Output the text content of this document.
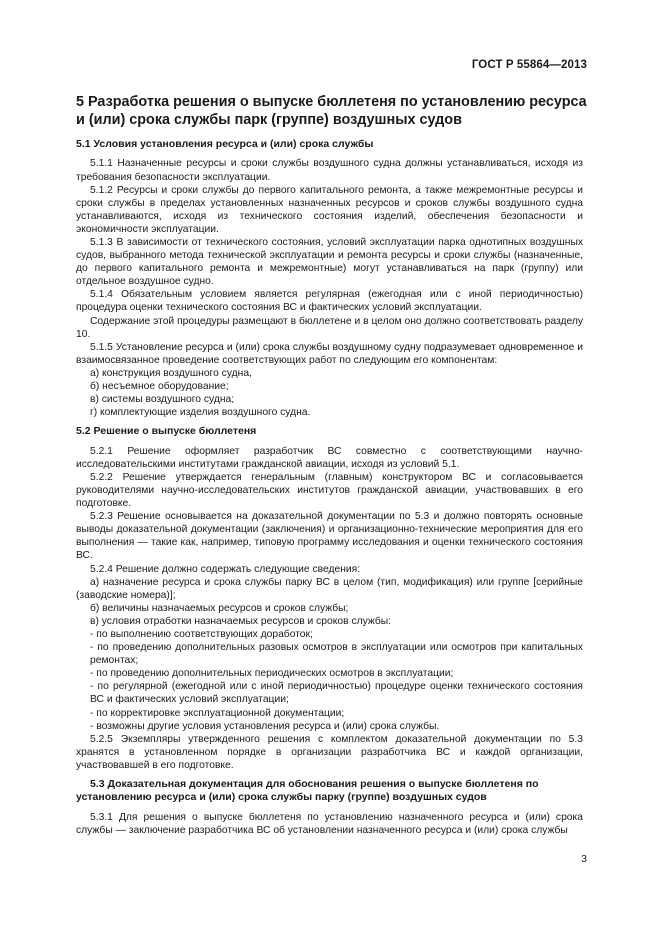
ГОСТ Р 55864—2013
5 Разработка решения о выпуске бюллетеня по установлению ресурса и (или) срока службы парк (группе) воздушных судов
5.1 Условия установления ресурса и (или) срока службы

5.1.1 Назначенные ресурсы и сроки службы воздушного судна должны устанавливаться, исходя из требования безопасности эксплуатации.

5.1.2 Ресурсы и сроки службы до первого капитального ремонта, а также межремонтные ресурсы и сроки службы в пределах установленных назначенных ресурсов и сроков службы воздушного судна устанавливаются, исходя из технического состояния изделий, обеспечения безопасности и экономичности эксплуатации.

5.1.3 В зависимости от технического состояния, условий эксплуатации парка однотипных воздушных судов, выбранного метода технической эксплуатации и ремонта ресурсы и сроки службы (назначенные, до первого капитального ремонта и межремонтные) могут устанавливаться на парк (группу) или отдельное воздушное судно.

5.1.4 Обязательным условием является регулярная (ежегодная или с иной периодичностью) процедура оценки технического состояния ВС и фактических условий эксплуатации.

Содержание этой процедуры размещают в бюллетене и в целом оно должно соответствовать разделу 10.

5.1.5 Установление ресурса и (или) срока службы воздушному судну подразумевает одновременное и взаимосвязанное проведение соответствующих работ по следующим его компонентам:

а) конструкция воздушного судна,

б) несъемное оборудование;

в) системы воздушного судна;

г) комплектующие изделия воздушного судна.

5.2 Решение о выпуске бюллетеня

5.2.1 Решение оформляет разработчик ВС совместно с соответствующими научно-исследовательскими институтами гражданской авиации, исходя из условий 5.1.

5.2.2 Решение утверждается генеральным (главным) конструктором ВС и согласовывается руководителями научно-исследовательских институтов гражданской авиации, участвовавших в его подготовке.

5.2.3 Решение основывается на доказательной документации по 5.3 и должно повторять основные выводы доказательной документации (заключения) и организационно-технические мероприятия для его выполнения — такие как, например, типовую программу исследования и оценки технического состояния ВС.

5.2.4 Решение должно содержать следующие сведения:

а) назначение ресурса и срока службы парку ВС в целом (тип, модификация) или группе [серийные (заводские номера)];

б) величины назначаемых ресурсов и сроков службы;

в) условия отработки назначаемых ресурсов и сроков службы:

- по выполнению соответствующих доработок;

- по проведению дополнительных разовых осмотров в эксплуатации или осмотров при капитальных ремонтах;

- по проведению дополнительных периодических осмотров в эксплуатации;

- по регулярной (ежегодной или с иной периодичностью) процедуре оценки технического состояния ВС и фактических условий эксплуатации;

- по корректировке эксплуатационной документации;

- возможны другие условия установления ресурса и (или) срока службы.

5.2.5 Экземпляры утвержденного решения с комплектом доказательной документации по 5.3 хранятся в установленном порядке в организации разработчика ВС и каждой организации, участвовавшей в его подготовке.

5.3 Доказательная документация для обоснования решения о выпуске бюллетеня по установлению ресурса и (или) срока службы парку (группе) воздушных судов

5.3.1 Для решения о выпуске бюллетеня по установлению назначенного ресурса и (или) срока службы — заключение разработчика ВС об установлении назначенного ресурса и (или) срока службы

3
